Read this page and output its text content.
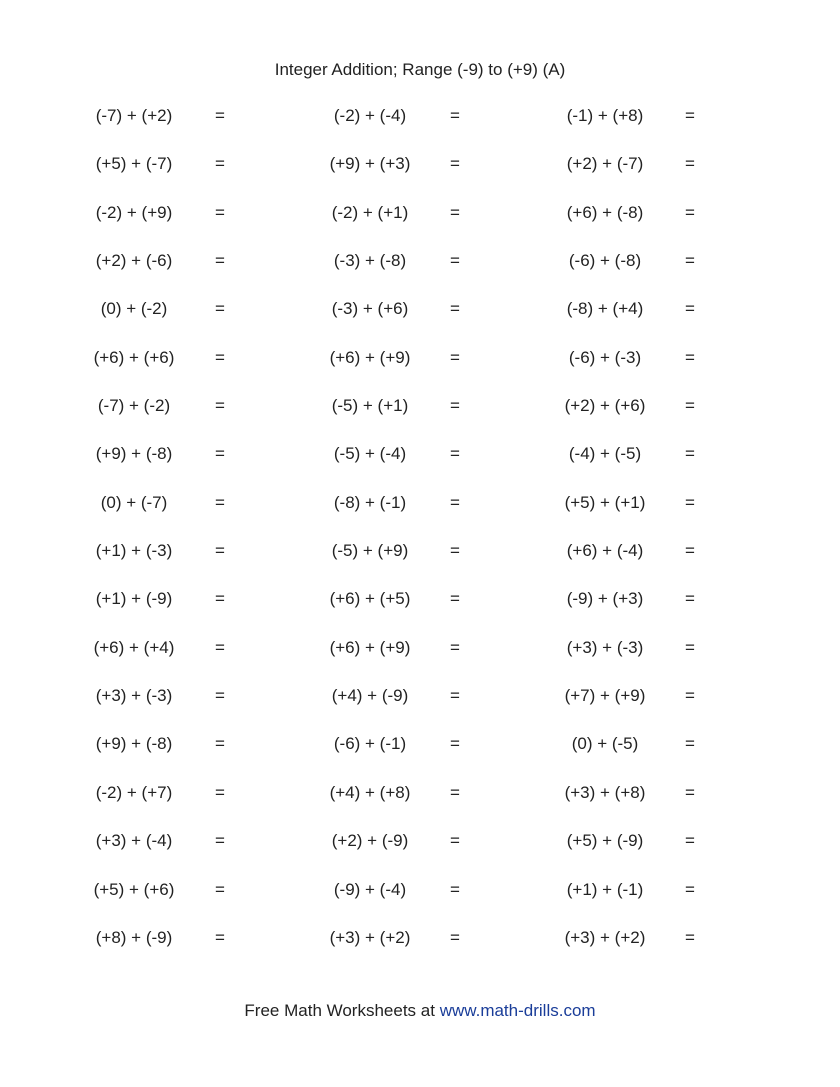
Integer Addition; Range (-9) to (+9) (A)
(-7) + (+2)	=	(-2) + (-4)	=	(-1) + (+8)	=
(+5) + (-7)	=	(+9) + (+3)	=	(+2) + (-7)	=
(-2) + (+9)	=	(-2) + (+1)	=	(+6) + (-8)	=
(+2) + (-6)	=	(-3) + (-8)	=	(-6) + (-8)	=
(0) + (-2)	=	(-3) + (+6)	=	(-8) + (+4)	=
(+6) + (+6)	=	(+6) + (+9)	=	(-6) + (-3)	=
(-7) + (-2)	=	(-5) + (+1)	=	(+2) + (+6)	=
(+9) + (-8)	=	(-5) + (-4)	=	(-4) + (-5)	=
(0) + (-7)	=	(-8) + (-1)	=	(+5) + (+1)	=
(+1) + (-3)	=	(-5) + (+9)	=	(+6) + (-4)	=
(+1) + (-9)	=	(+6) + (+5)	=	(-9) + (+3)	=
(+6) + (+4)	=	(+6) + (+9)	=	(+3) + (-3)	=
(+3) + (-3)	=	(+4) + (-9)	=	(+7) + (+9)	=
(+9) + (-8)	=	(-6) + (-1)	=	(0) + (-5)	=
(-2) + (+7)	=	(+4) + (+8)	=	(+3) + (+8)	=
(+3) + (-4)	=	(+2) + (-9)	=	(+5) + (-9)	=
(+5) + (+6)	=	(-9) + (-4)	=	(+1) + (-1)	=
(+8) + (-9)	=	(+3) + (+2)	=	(+3) + (+2)	=
Free Math Worksheets at www.math-drills.com
